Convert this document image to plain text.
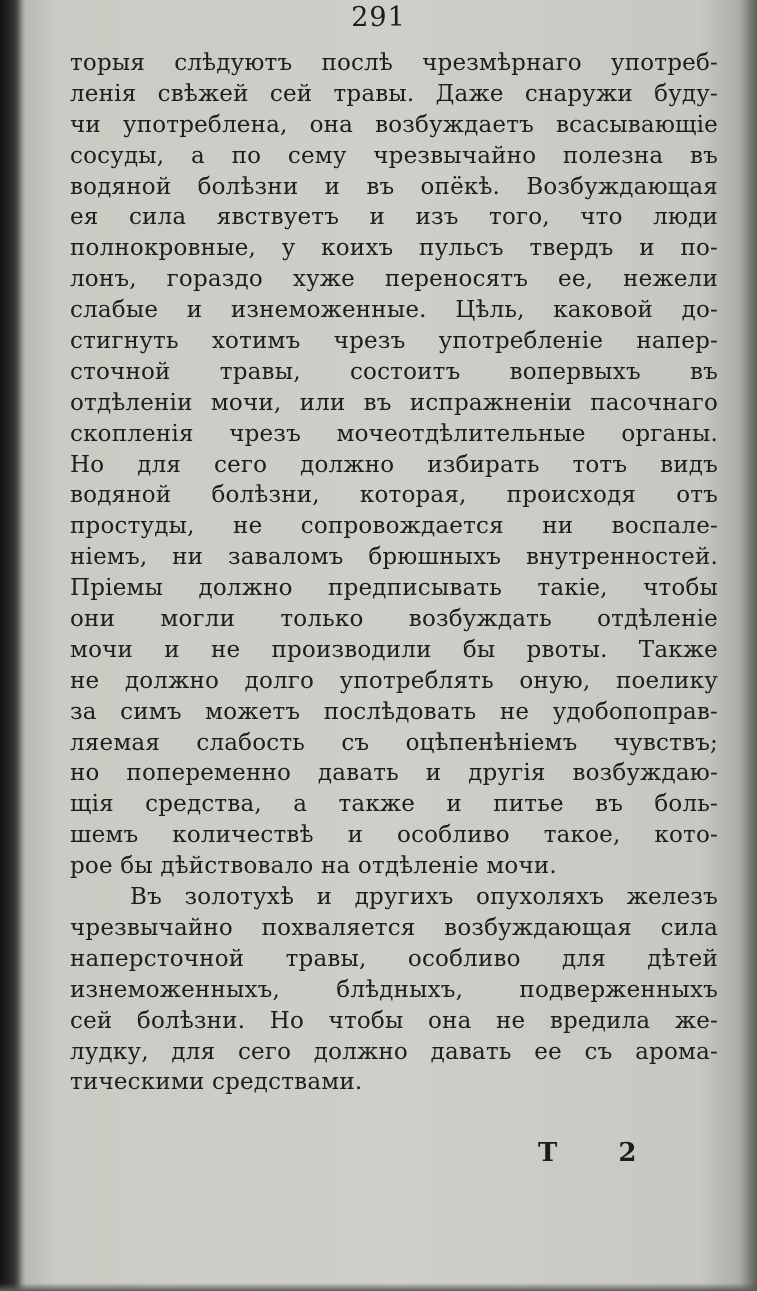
291
торыя слѣдуютъ послѣ чрезмѣрнаго употреб-
ленія свѣжей сей травы. Даже снаружи буду-
чи употреблена, она возбуждаетъ всасывающіе
сосуды, а по сему чрезвычайно полезна въ
водяной болѣзни и въ опёкѣ. Возбуждающая
ея сила явствуетъ и изъ того, что люди
полнокровные, у коихъ пульсъ твердъ и по-
лонъ, гораздо хуже переносятъ ее, нежели
слабые и изнеможенные. Цѣль, каковой до-
стигнуть хотимъ чрезъ употребленіе напер-
сточной травы, состоитъ вопервыхъ въ
отдѣленіи мочи, или въ испражненіи пасочнаго
скопленія чрезъ мочеотдѣлительные органы.
Но для сего должно избирать тотъ видъ
водяной болѣзни, которая, происходя отъ
простуды, не сопровождается ни воспале-
ніемъ, ни заваломъ брюшныхъ внутренностей.
Пріемы должно предписывать такіе, чтобы
они могли только возбуждать отдѣленіе
мочи и не производили бы рвоты. Также
не должно долго употреблять оную, поелику
за симъ можетъ послѣдовать не удобопоправ-
ляемая слабость съ оцѣпенѣніемъ чувствъ;
но попеременно давать и другія возбуждаю-
щія средства, а также и питье въ боль-
шемъ количествѣ и особливо такое, кото-
рое бы дѣйствовало на отдѣленіе мочи.
Въ золотухѣ и другихъ опухоляхъ железъ
чрезвычайно похваляется возбуждающая сила
наперсточной травы, особливо для дѣтей
изнеможенныхъ, блѣдныхъ, подверженныхъ
сей болѣзни. Но чтобы она не вредила же-
лудку, для сего должно давать ее съ арома-
тическими средствами.
Т 2
